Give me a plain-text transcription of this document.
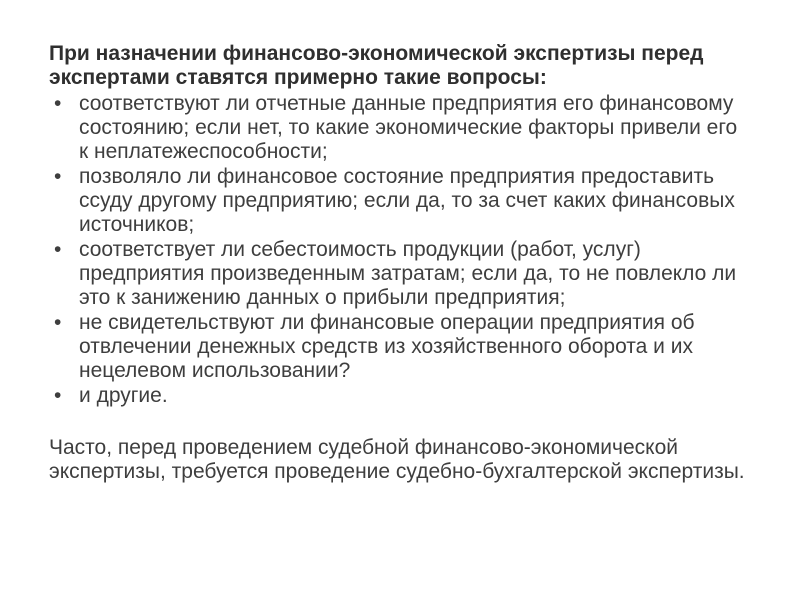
При назначении финансово-экономической экспертизы перед экспертами ставятся примерно такие вопросы:

• соответствуют ли отчетные данные предприятия его финансовому состоянию; если нет, то какие экономические факторы привели его к неплатежеспособности;
• позволяло ли финансовое состояние предприятия предоставить ссуду другому предприятию; если да, то за счет каких финансовых источников;
• соответствует ли себестоимость продукции (работ, услуг) предприятия произведенным затратам; если да, то не повлекло ли это к занижению данных о прибыли предприятия;
• не свидетельствуют ли финансовые операции предприятия об отвлечении денежных средств из хозяйственного оборота и их нецелевом использовании?
• и другие.

Часто, перед проведением судебной финансово-экономической экспертизы, требуется проведение судебно-бухгалтерской экспертизы.
